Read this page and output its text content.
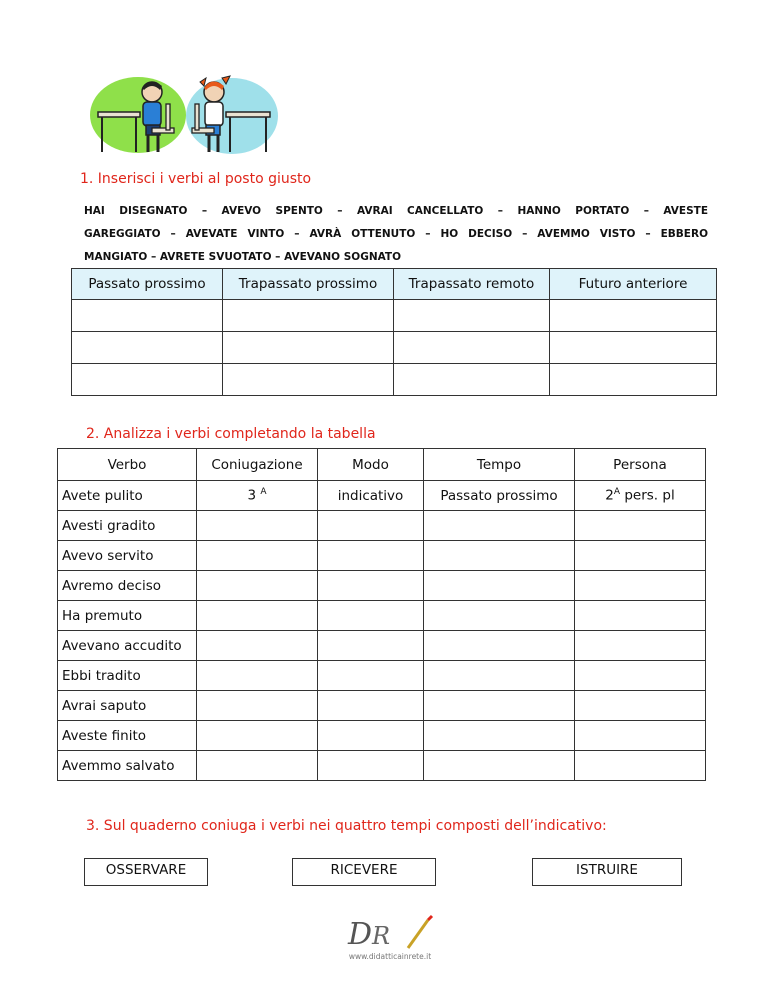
1. Inserisci i verbi al posto giusto
HAI DISEGNATO – AVEVO SPENTO – AVRAI CANCELLATO – HANNO PORTATO – AVESTE
GAREGGIATO – AVEVATE VINTO – AVRÀ OTTENUTO – HO DECISO – AVEMMO VISTO – EBBERO
MANGIATO – AVRETE SVUOTATO – AVEVANO SOGNATO
Passato prossimo	Trapassato prossimo	Trapassato remoto	Futuro anteriore

2. Analizza i verbi completando la tabella
Verbo	Coniugazione	Modo	Tempo	Persona
Avete pulito	3 $^A$	indicativo	Passato prossimo	$2^A$ pers. pl
Avesti gradito				
Avevo servito				
Avremo deciso				
Ha premuto				
Avevano accudito				
Ebbi tradito				
Avrai saputo				
Aveste finito				
Avemmo salvato				
3. Sul quaderno coniuga i verbi nei quattro tempi composti dell’indicativo:
OSSERVARE	RICEVERE	ISTRUIRE
D R
www.didatticainrete.it
